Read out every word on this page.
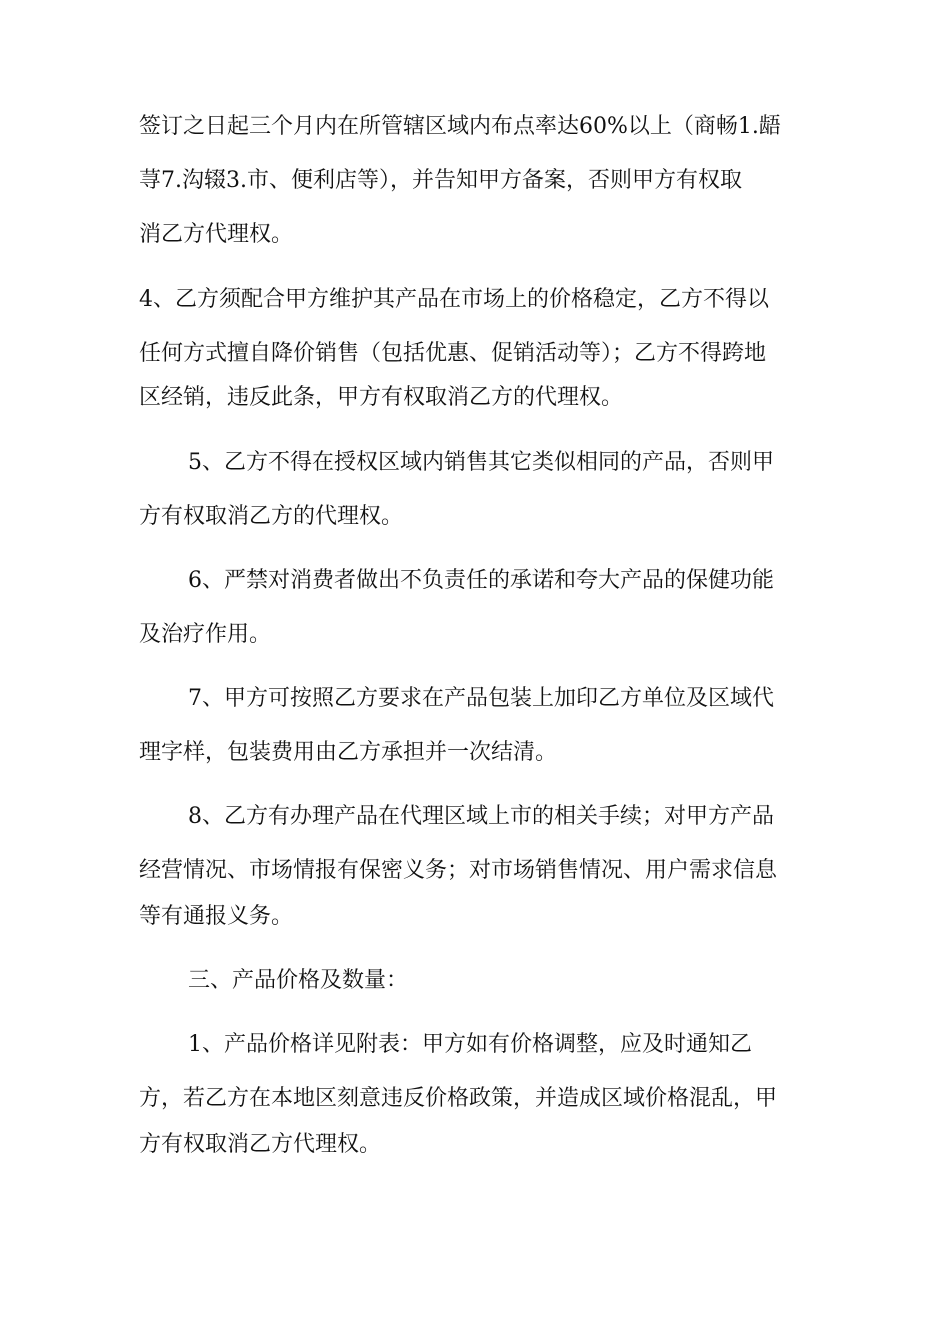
签订之日起三个月内在所管辖区域内布点率达60%以上（商畅1.龉
荨7.沟辍3.市、便利店等），并告知甲方备案，否则甲方有权取
消乙方代理权。
4、乙方须配合甲方维护其产品在市场上的价格稳定，乙方不得以
任何方式擅自降价销售（包括优惠、促销活动等）；乙方不得跨地
区经销，违反此条，甲方有权取消乙方的代理权。
5、乙方不得在授权区域内销售其它类似相同的产品，否则甲
方有权取消乙方的代理权。
6、严禁对消费者做出不负责任的承诺和夸大产品的保健功能
及治疗作用。
7、甲方可按照乙方要求在产品包装上加印乙方单位及区域代
理字样，包装费用由乙方承担并一次结清。
8、乙方有办理产品在代理区域上市的相关手续；对甲方产品
经营情况、市场情报有保密义务；对市场销售情况、用户需求信息
等有通报义务。
三、产品价格及数量：
1、产品价格详见附表：甲方如有价格调整，应及时通知乙
方，若乙方在本地区刻意违反价格政策，并造成区域价格混乱，甲
方有权取消乙方代理权。
